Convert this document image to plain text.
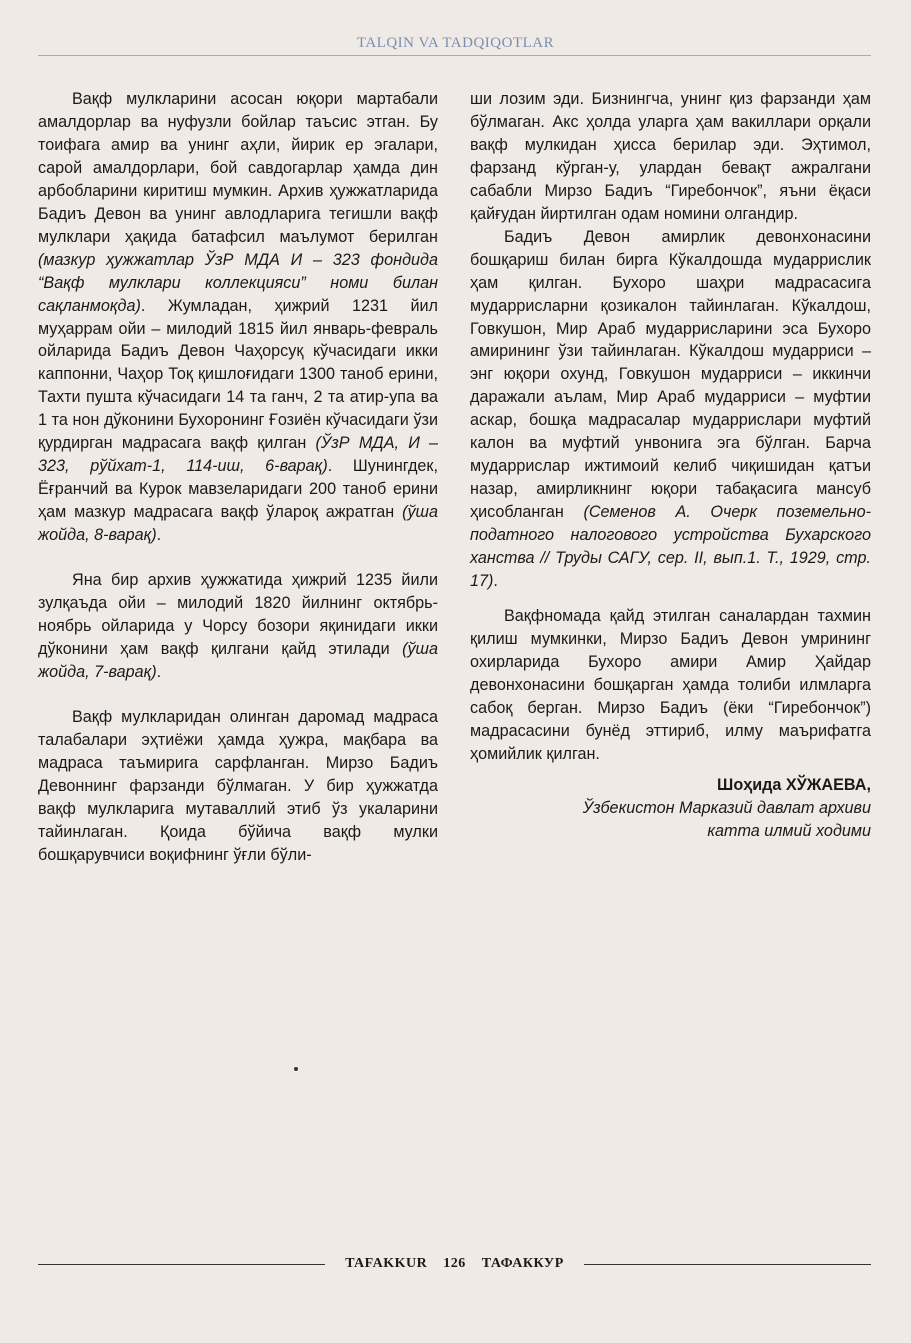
TALQIN VA TADQIQOTLAR

Вақф мулкларини асосан юқори мартабали амалдорлар ва нуфузли бойлар таъсис этган. Бу тоифага амир ва унинг аҳли, йирик ер эгалари, сарой амалдорлари, бой савдогарлар ҳамда дин арбобларини киритиш мумкин. Архив ҳужжатларида Бадиъ Девон ва унинг авлодларига тегишли вақф мулклари ҳақида батафсил маълумот берилган (мазкур ҳужжатлар ЎзР МДА И – 323 фондида “Вақф мулклари коллекцияси” номи билан сақланмоқда). Жумладан, ҳижрий 1231 йил муҳаррам ойи – милодий 1815 йил январь-февраль ойларида Бадиъ Девон Чаҳорсуқ кўчасидаги икки каппонни, Чаҳор Тоқ қишлоғидаги 1300 таноб ерини, Тахти пушта кўчасидаги 14 та ганч, 2 та атир-упа ва 1 та нон дўконини Бухоронинг Ғозиён кўчасидаги ўзи қурдирган мадрасага вақф қилган (ЎзР МДА, И – 323, рўйхат-1, 114-иш, 6-варақ). Шунингдек, Ёғранчий ва Курок мавзеларидаги 200 таноб ерини ҳам мазкур мадрасага вақф ўлароқ ажратган (ўша жойда, 8-варақ).

Яна бир архив ҳужжатида ҳижрий 1235 йили зулқаъда ойи – милодий 1820 йилнинг октябрь-ноябрь ойларида у Чорсу бозори яқинидаги икки дўконини ҳам вақф қилгани қайд этилади (ўша жойда, 7-варақ).

Вақф мулкларидан олинган даромад мадраса талабалари эҳтиёжи ҳамда ҳужра, мақбара ва мадраса таъмирига сарфланган. Мирзо Бадиъ Девоннинг фарзанди бўлмаган. У бир ҳужжатда вақф мулкларига мутаваллий этиб ўз укаларини тайинлаган. Қоида бўйича вақф мулки бошқарувчиси воқифнинг ўғли бўли-

ши лозим эди. Бизнингча, унинг қиз фарзанди ҳам бўлмаган. Акс ҳолда уларга ҳам вакиллари орқали вақф мулкидан ҳисса берилар эди. Эҳтимол, фарзанд кўрган-у, улардан бевақт ажралгани сабабли Мирзо Бадиъ “Гиребончок”, яъни ёқаси қайғудан йиртилган одам номини олгандир.

Бадиъ Девон амирлик девонхонасини бошқариш билан бирга Кўкалдошда мударрислик ҳам қилган. Бухоро шаҳри мадрасасига мударрисларни қозикалон тайинлаган. Кўкалдош, Говкушон, Мир Араб мударрисларини эса Бухоро амирининг ўзи тайинлаган. Кўкалдош мударриси – энг юқори охунд, Говкушон мударриси – иккинчи даражали аълам, Мир Араб мударриси – муфтии аскар, бошқа мадрасалар мударрислари муфтий калон ва муфтий унвонига эга бўлган. Барча мударрислар ижтимоий келиб чиқишидан қатъи назар, амирликнинг юқори табақасига мансуб ҳисобланган (Семенов А. Очерк поземельно-податного налогового устройства Бухарского ханства // Труды САГУ, сер. II, вып.1. Т., 1929, стр. 17).

Вақфномада қайд этилган саналардан тахмин қилиш мумкинки, Мирзо Бадиъ Девон умрининг охирларида Бухоро амири Амир Ҳайдар девонхонасини бошқарган ҳамда толиби илмларга сабоқ берган. Мирзо Бадиъ (ёки “Гиребончок”) мадрасасини бунёд эттириб, илму маърифатга ҳомийлик қилган.

Шоҳида ХЎЖАЕВА,
Ўзбекистон Марказий давлат архиви
катта илмий ходими
TAFAKKUR 126 ТАФАККУР
